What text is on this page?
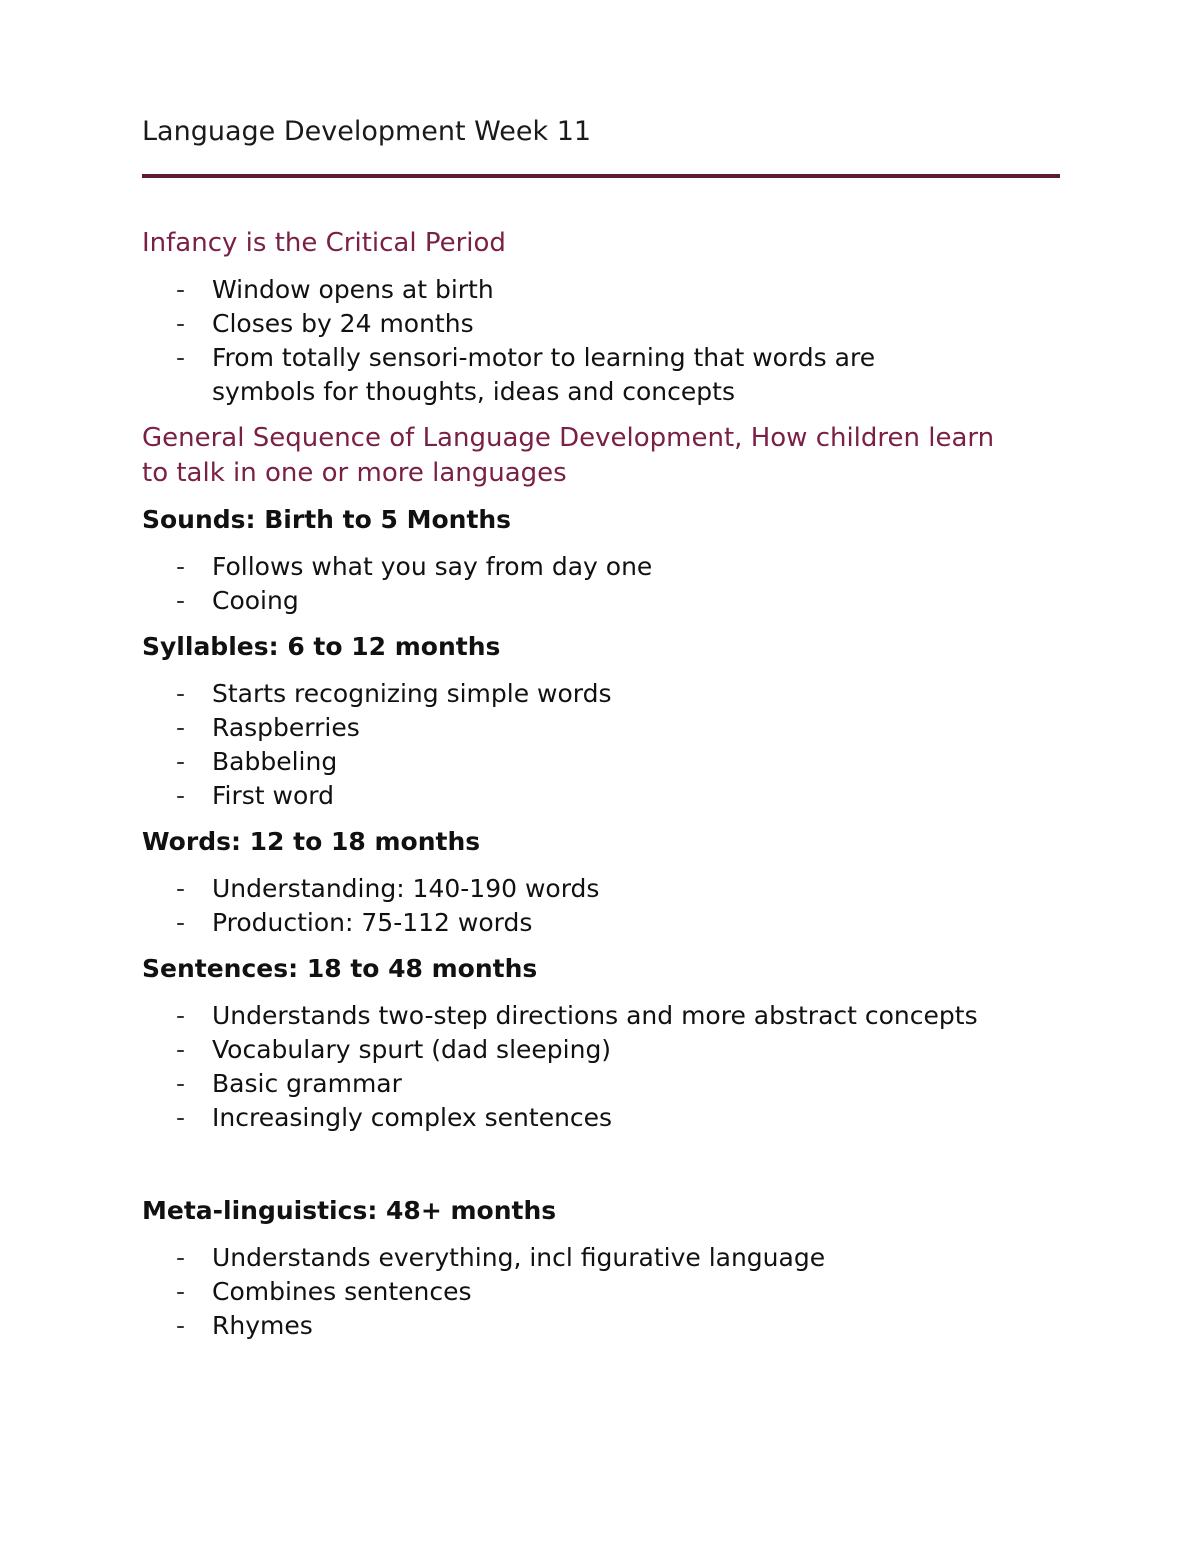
Language Development Week 11
Infancy is the Critical Period
- Window opens at birth
- Closes by 24 months
- From totally sensori-motor to learning that words are symbols for thoughts, ideas and concepts
General Sequence of Language Development, How children learn to talk in one or more languages
Sounds: Birth to 5 Months
- Follows what you say from day one
- Cooing
Syllables: 6 to 12 months
- Starts recognizing simple words
- Raspberries
- Babbeling
- First word
Words: 12 to 18 months
- Understanding: 140-190 words
- Production: 75-112 words
Sentences: 18 to 48 months
- Understands two-step directions and more abstract concepts
- Vocabulary spurt (dad sleeping)
- Basic grammar
- Increasingly complex sentences
Meta-linguistics: 48+ months
- Understands everything, incl figurative language
- Combines sentences
- Rhymes
